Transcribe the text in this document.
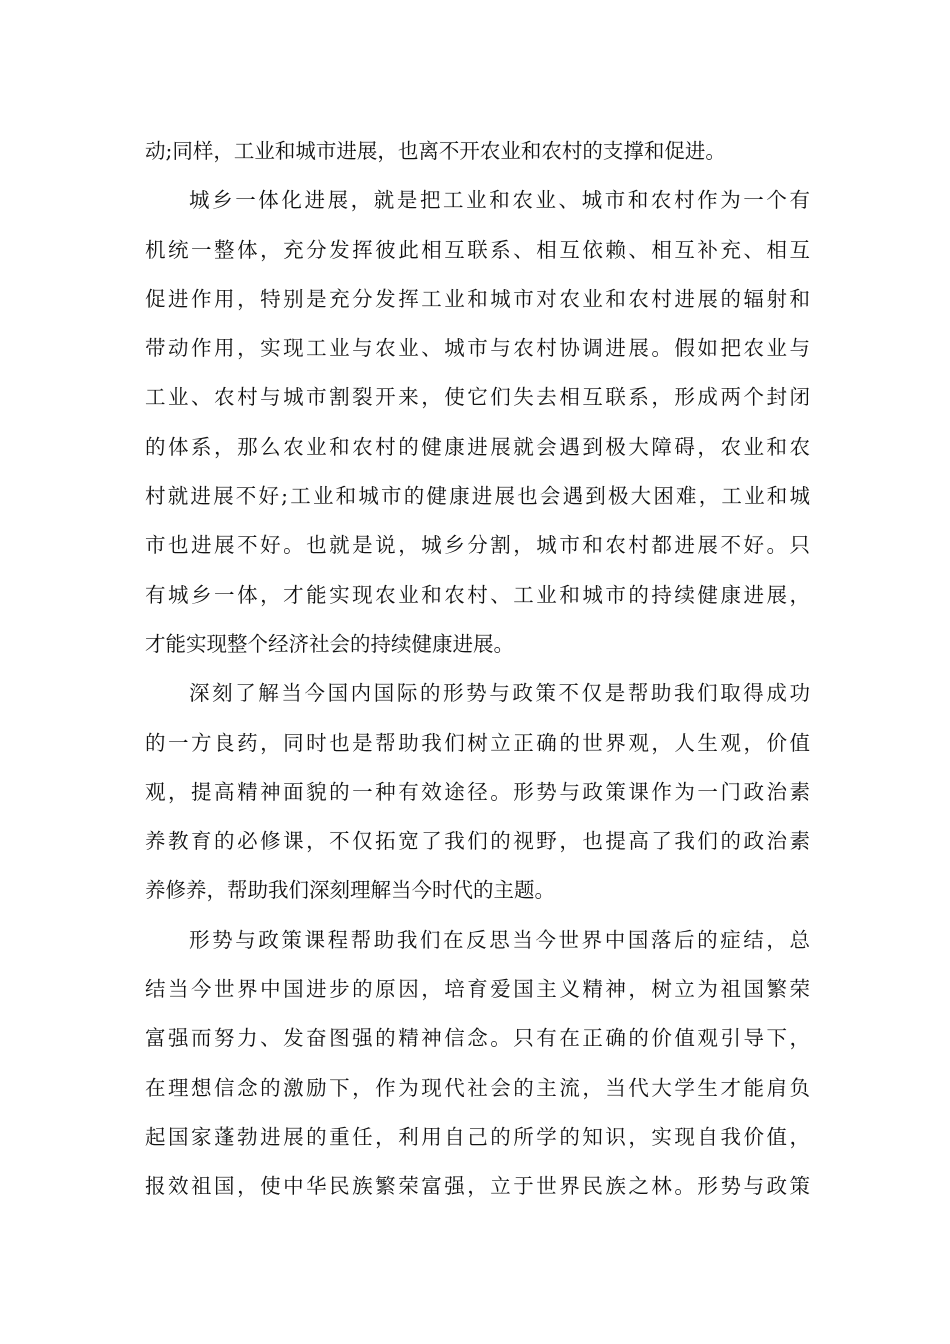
动;同样，工业和城市进展，也离不开农业和农村的支撑和促进。
城乡一体化进展，就是把工业和农业、城市和农村作为一个有
机统一整体，充分发挥彼此相互联系、相互依赖、相互补充、相互
促进作用，特别是充分发挥工业和城市对农业和农村进展的辐射和
带动作用，实现工业与农业、城市与农村协调进展。假如把农业与
工业、农村与城市割裂开来，使它们失去相互联系，形成两个封闭
的体系，那么农业和农村的健康进展就会遇到极大障碍，农业和农
村就进展不好;工业和城市的健康进展也会遇到极大困难，工业和城
市也进展不好。也就是说，城乡分割，城市和农村都进展不好。只
有城乡一体，才能实现农业和农村、工业和城市的持续健康进展，
才能实现整个经济社会的持续健康进展。
深刻了解当今国内国际的形势与政策不仅是帮助我们取得成功
的一方良药，同时也是帮助我们树立正确的世界观，人生观，价值
观，提高精神面貌的一种有效途径。形势与政策课作为一门政治素
养教育的必修课，不仅拓宽了我们的视野，也提高了我们的政治素
养修养，帮助我们深刻理解当今时代的主题。
形势与政策课程帮助我们在反思当今世界中国落后的症结，总
结当今世界中国进步的原因，培育爱国主义精神，树立为祖国繁荣
富强而努力、发奋图强的精神信念。只有在正确的价值观引导下，
在理想信念的激励下，作为现代社会的主流，当代大学生才能肩负
起国家蓬勃进展的重任，利用自己的所学的知识，实现自我价值，
报效祖国，使中华民族繁荣富强，立于世界民族之林。形势与政策
